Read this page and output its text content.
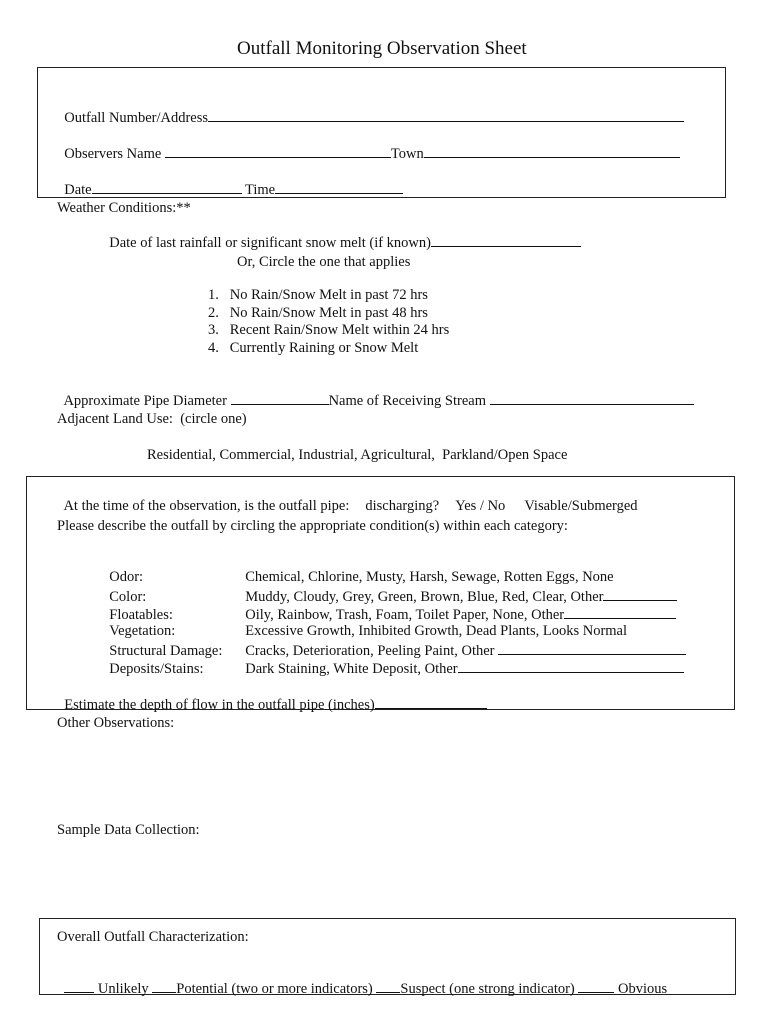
Outfall Monitoring Observation Sheet

Outfall Number/Address

Observers Name	Town

Date	Time

Weather Conditions:**

Date of last rainfall or significant snow melt (if known)

Or, Circle the one that applies
1.   No Rain/Snow Melt in past 72 hrs
2.   No Rain/Snow Melt in past 48 hrs
3.   Recent Rain/Snow Melt within 24 hrs
4.   Currently Raining or Snow Melt

Approximate Pipe Diameter	Name of Receiving Stream

Adjacent Land Use:  (circle one)
Residential, Commercial, Industrial, Agricultural,  Parkland/Open Space

At the time of the observation, is the outfall pipe: discharging? Yes / No Visable/Submerged

Please describe the outfall by circling the appropriate condition(s) within each category:

Odor:	Chemical, Chlorine, Musty, Harsh, Sewage, Rotten Eggs, None

Color:	Muddy, Cloudy, Grey, Green, Brown, Blue, Red, Clear, Other

Floatables:	Oily, Rainbow, Trash, Foam, Toilet Paper, None, Other

Vegetation:	Excessive Growth, Inhibited Growth, Dead Plants, Looks Normal

Structural Damage: Cracks, Deterioration, Peeling Paint, Other

Deposits/Stains:	Dark Staining, White Deposit, Other

Estimate the depth of flow in the outfall pipe (inches)

Other Observations:
Sample Data Collection:
Overall Outfall Characterization:

Unlikely Potential (two or more indicators) Suspect (one strong indicator)	Obvious
